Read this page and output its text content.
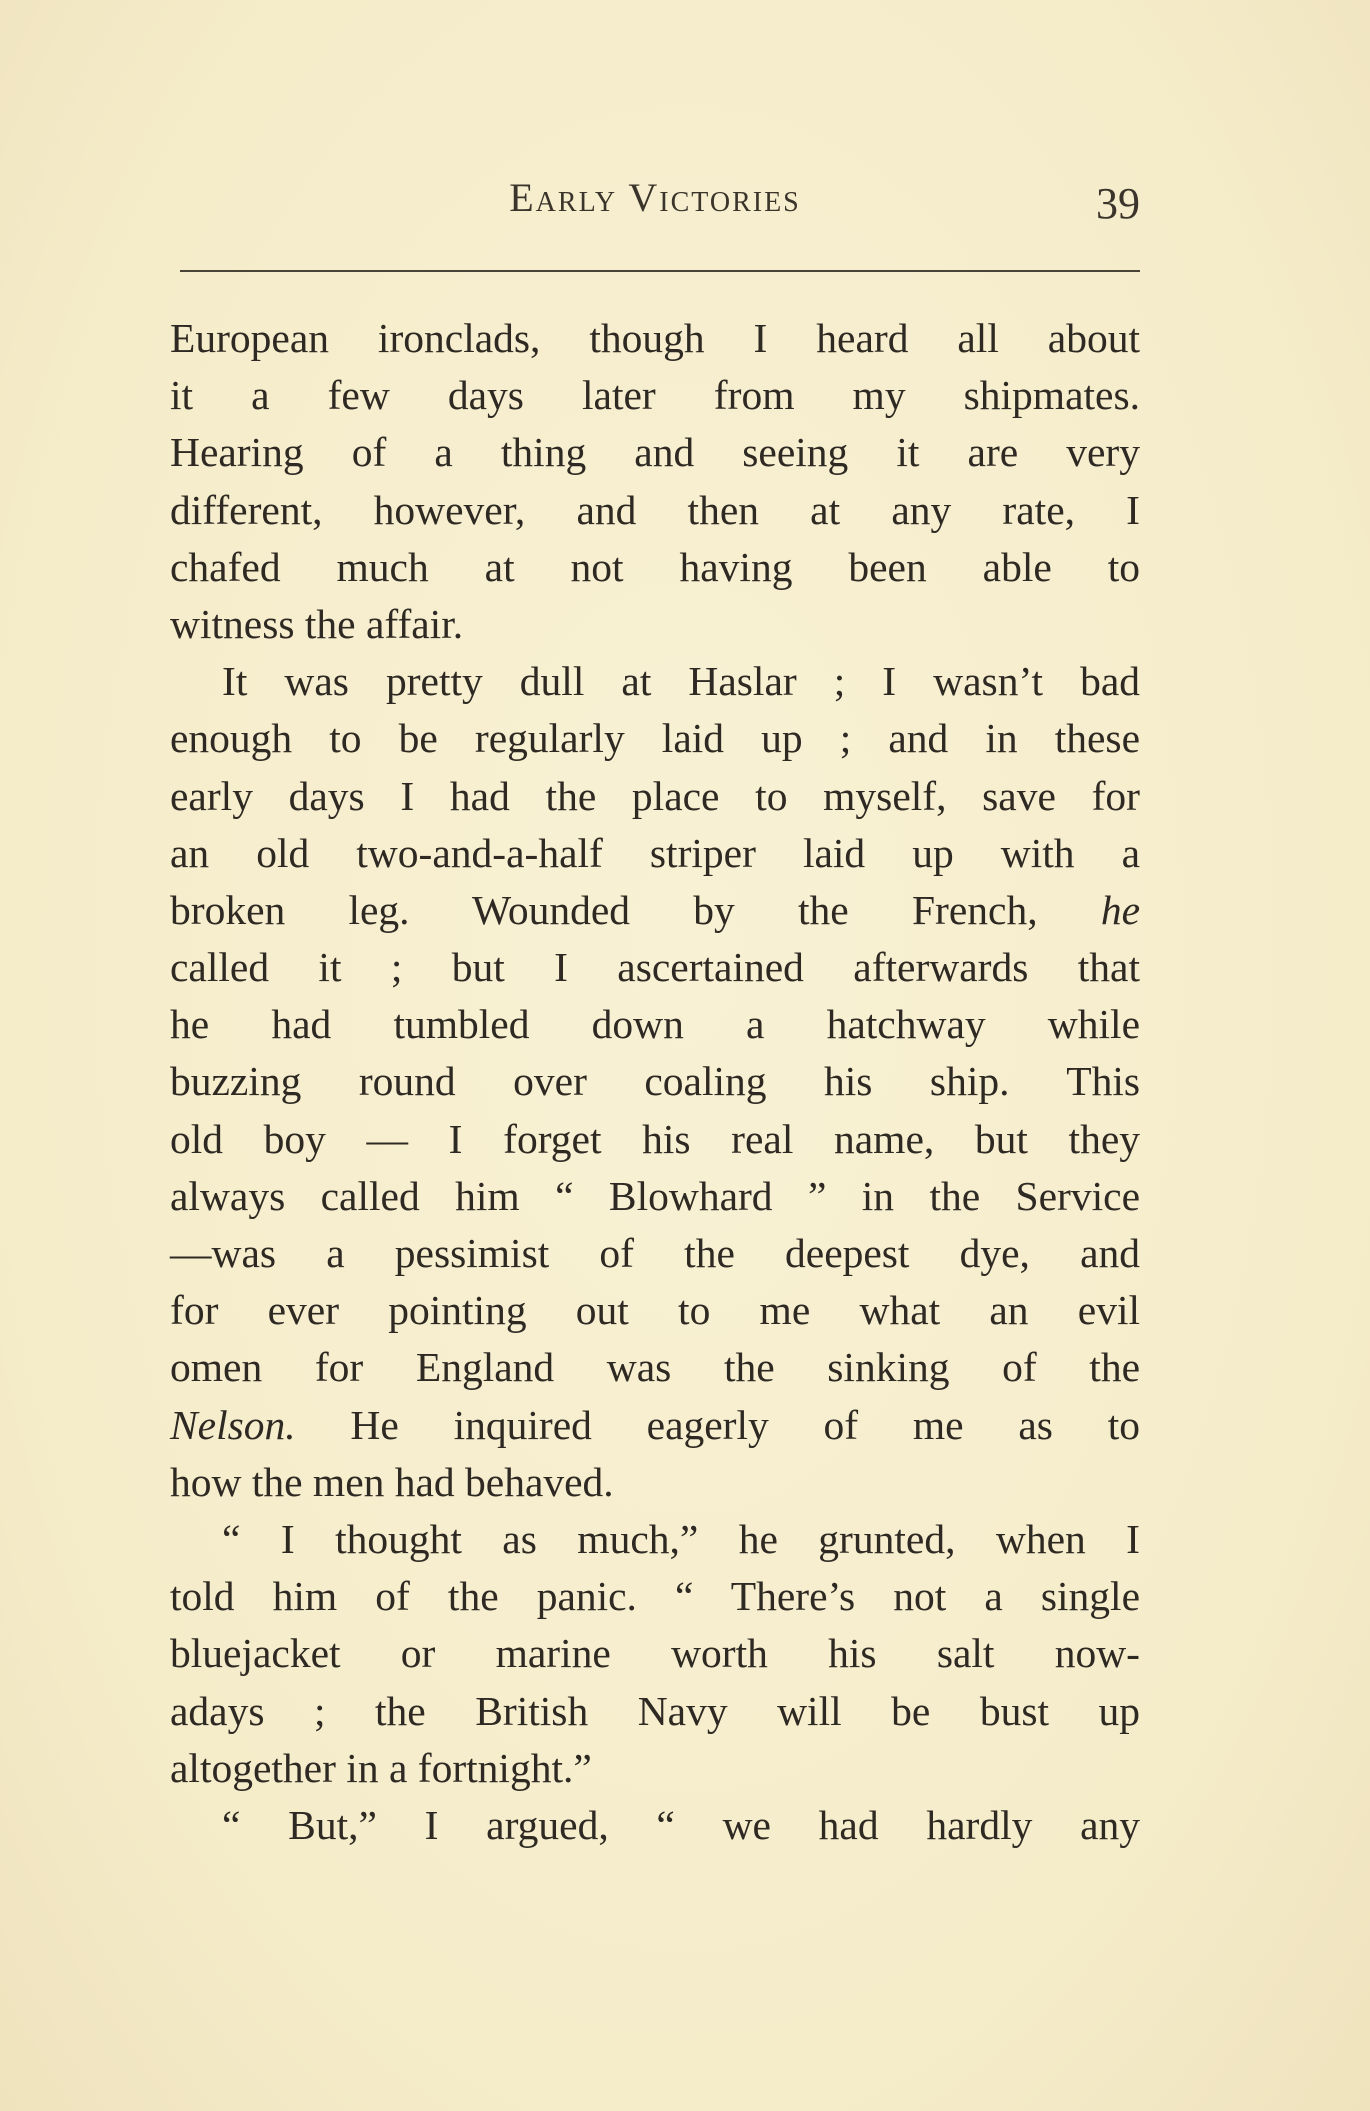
Early Victories	39
European ironclads, though I heard all about
it a few days later from my shipmates.
Hearing of a thing and seeing it are very
different, however, and then at any rate, I
chafed much at not having been able to
witness the affair.
It was pretty dull at Haslar ; I wasn’t bad
enough to be regularly laid up ; and in these
early days I had the place to myself, save for
an old two-and-a-half striper laid up with a
broken leg. Wounded by the French, he
called it ; but I ascertained afterwards that
he had tumbled down a hatchway while
buzzing round over coaling his ship. This
old boy — I forget his real name, but they
always called him “ Blowhard ” in the Service
—was a pessimist of the deepest dye, and
for ever pointing out to me what an evil
omen for England was the sinking of the
Nelson. He inquired eagerly of me as to
how the men had behaved.
“ I thought as much,” he grunted, when I
told him of the panic. “ There’s not a single
bluejacket or marine worth his salt now-
adays ; the British Navy will be bust up
altogether in a fortnight.”
“ But,” I argued, “ we had hardly any
